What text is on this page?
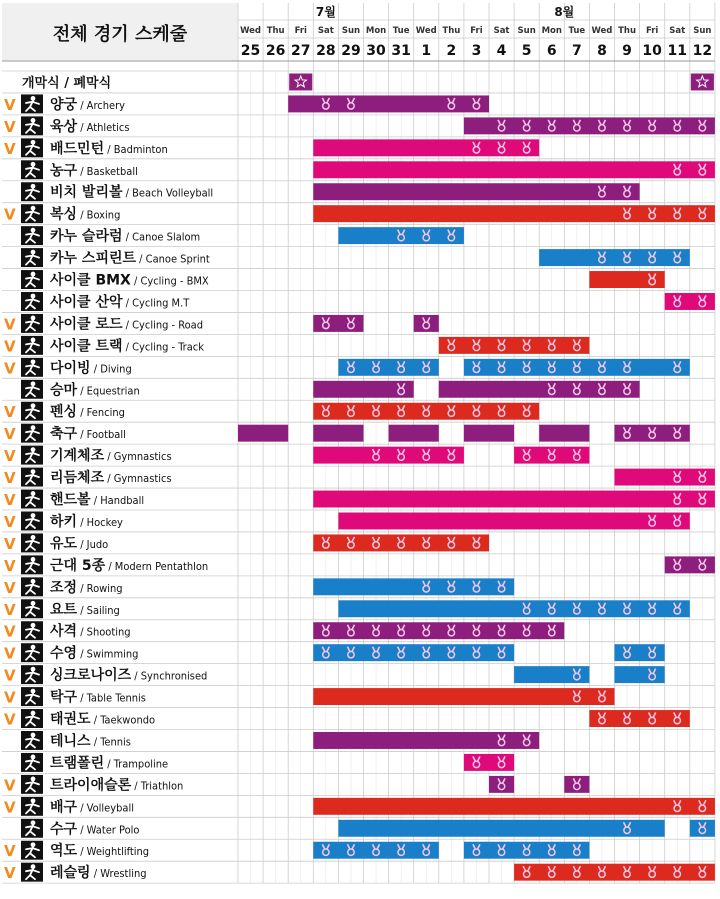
전체 경기 스케줄
7월	8월
Wed Thu Fri Sat Sun Mon Tue Wed Thu Fri Sat Sun Mon Tue Wed Thu Fri Sat Sun
25 26 27 28 29 30 31 1 2 3 4 5 6 7 8 9 10 11 12
개막식 / 폐막식
V 양궁 / Archery
V 육상 / Athletics
V 배드민턴 / Badminton
농구 / Basketball
비치 발리볼 / Beach Volleyball
V 복싱 / Boxing
카누 슬라럼 / Canoe Slalom
카누 스피린트 / Canoe Sprint
사이클 BMX / Cycling - BMX
사이클 산악 / Cycling M.T
V 사이클 로드 / Cycling - Road
V 사이클 트랙 / Cycling - Track
V 다이빙 / Diving
승마 / Equestrian
V 펜싱 / Fencing
V 축구 / Football
V 기계체조 / Gymnastics
V 리듬체조 / Gymnastics
V 핸드볼 / Handball
V 하키 / Hockey
V 유도 / Judo
V 근대 5종 / Modern Pentathlon
V 조정 / Rowing
V 요트 / Sailing
V 사격 / Shooting
V 수영 / Swimming
V 싱크로나이즈 / Synchronised
V 탁구 / Table Tennis
V 태권도 / Taekwondo
테니스 / Tennis
트램폴린 / Trampoline
V 트라이애슬론 / Triathlon
V 배구 / Volleyball
수구 / Water Polo
V 역도 / Weightlifting
V 레슬링 / Wrestling
